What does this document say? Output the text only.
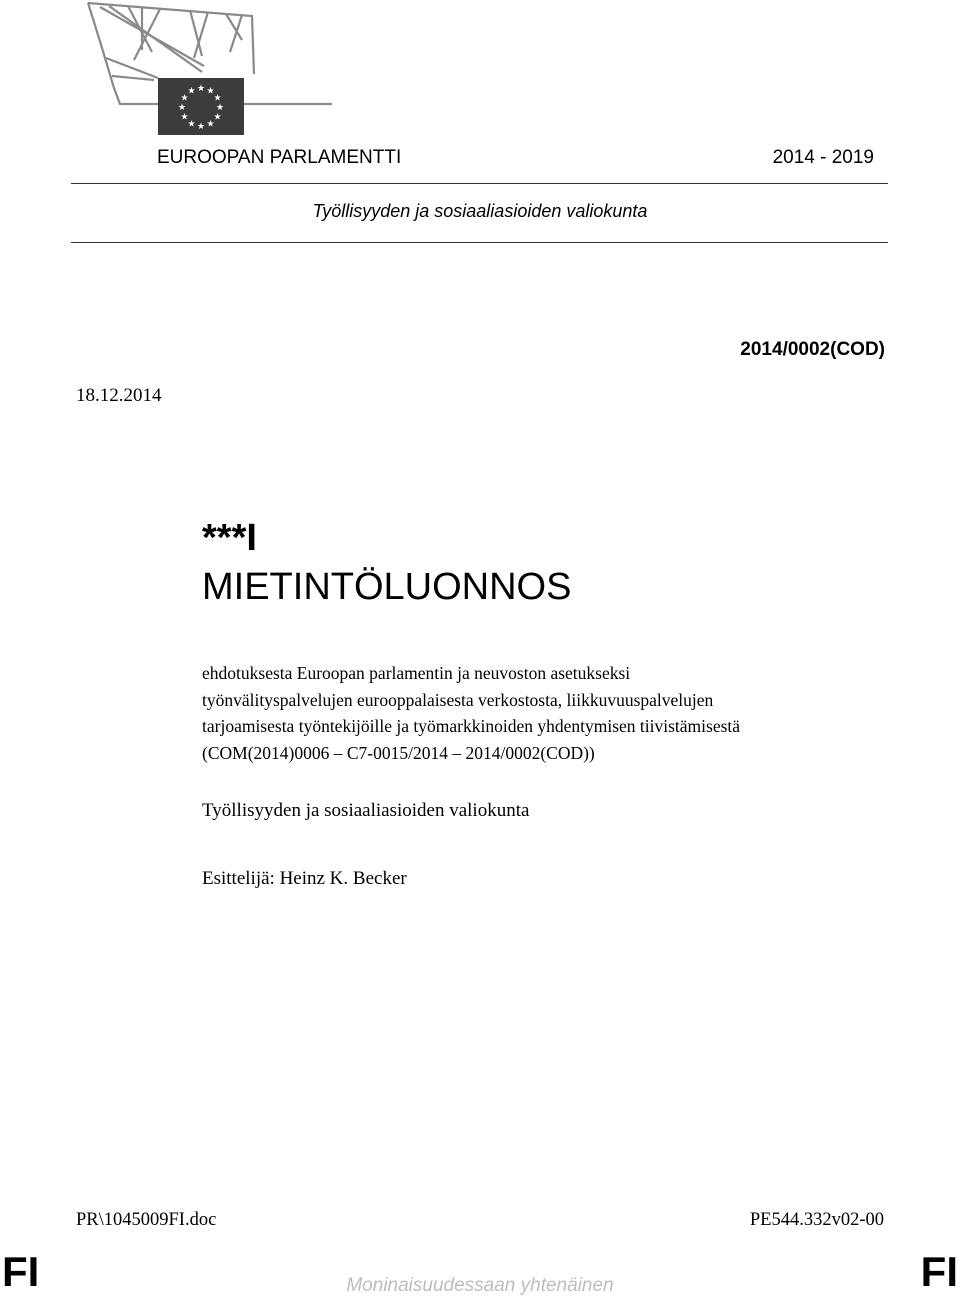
★ ★
★
★
★
★
★
★
★
★
★
★
EUROOPAN PARLAMENTTI	2014 - 2019
Työllisyyden ja sosiaaliasioiden valiokunta
2014/0002(COD)
18.12.2014
***I
MIETINTÖLUONNOS
ehdotuksesta Euroopan parlamentin ja neuvoston asetukseksi
työnvälityspalvelujen eurooppalaisesta verkostosta, liikkuvuuspalvelujen
tarjoamisesta työntekijöille ja työmarkkinoiden yhdentymisen tiivistämisestä
(COM(2014)0006 – C7-0015/2014 – 2014/0002(COD))
Työllisyyden ja sosiaaliasioiden valiokunta
Esittelijä: Heinz K. Becker
PR\1045009FI.doc	PE544.332v02-00
FI	Moninaisuudessaan yhtenäinen	FI
